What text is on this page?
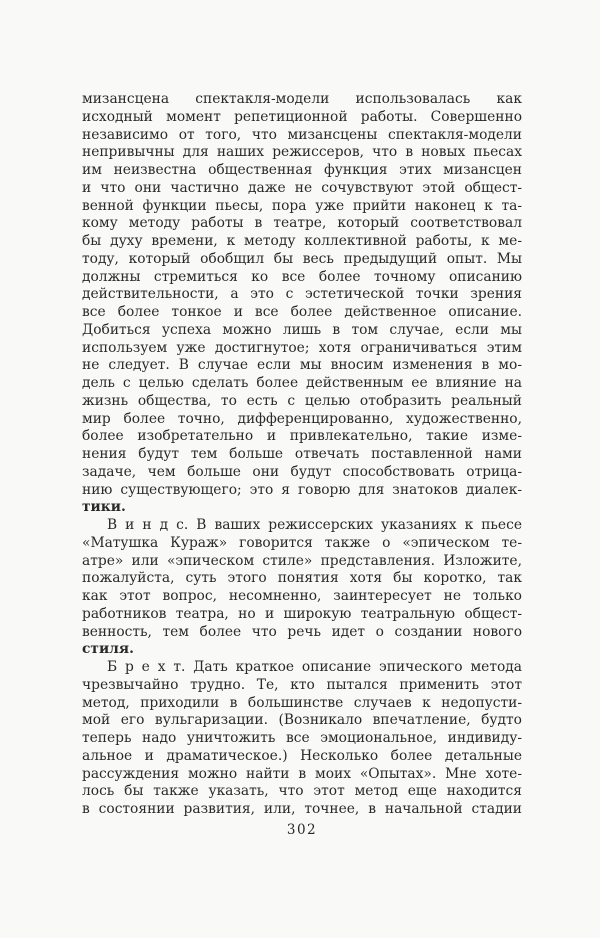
мизансцена спектакля-модели использовалась как
исходный момент репетиционной работы. Совершенно
независимо от того, что мизансцены спектакля-модели
непривычны для наших режиссеров, что в новых пьесах
им неизвестна общественная функция этих мизансцен
и что они частично даже не сочувствуют этой общест-
венной функции пьесы, пора уже прийти наконец к та-
кому методу работы в театре, который соответствовал
бы духу времени, к методу коллективной работы, к ме-
тоду, который обобщил бы весь предыдущий опыт. Мы
должны стремиться ко все более точному описанию
действительности, а это с эстетической точки зрения
все более тонкое и все более действенное описание.
Добиться успеха можно лишь в том случае, если мы
используем уже достигнутое; хотя ограничиваться этим
не следует. В случае если мы вносим изменения в мо-
дель с целью сделать более действенным ее влияние на
жизнь общества, то есть с целью отобразить реальный
мир более точно, дифференцированно, художественно,
более изобретательно и привлекательно, такие изме-
нения будут тем больше отвечать поставленной нами
задаче, чем больше они будут способствовать отрица-
нию существующего; это я говорю для знатоков диалек-
тики.
В и н д с. В ваших режиссерских указаниях к пьесе
«Матушка Кураж» говорится также о «эпическом те-
атре» или «эпическом стиле» представления. Изложите,
пожалуйста, суть этого понятия хотя бы коротко, так
как этот вопрос, несомненно, заинтересует не только
работников театра, но и широкую театральную общест-
венность, тем более что речь идет о создании нового
стиля.
Б р е х т. Дать краткое описание эпического метода
чрезвычайно трудно. Те, кто пытался применить этот
метод, приходили в большинстве случаев к недопусти-
мой его вульгаризации. (Возникало впечатление, будто
теперь надо уничтожить все эмоциональное, индивиду-
альное и драматическое.) Несколько более детальные
рассуждения можно найти в моих «Опытах». Мне хоте-
лось бы также указать, что этот метод еще находится
в состоянии развития, или, точнее, в начальной стадии
302
